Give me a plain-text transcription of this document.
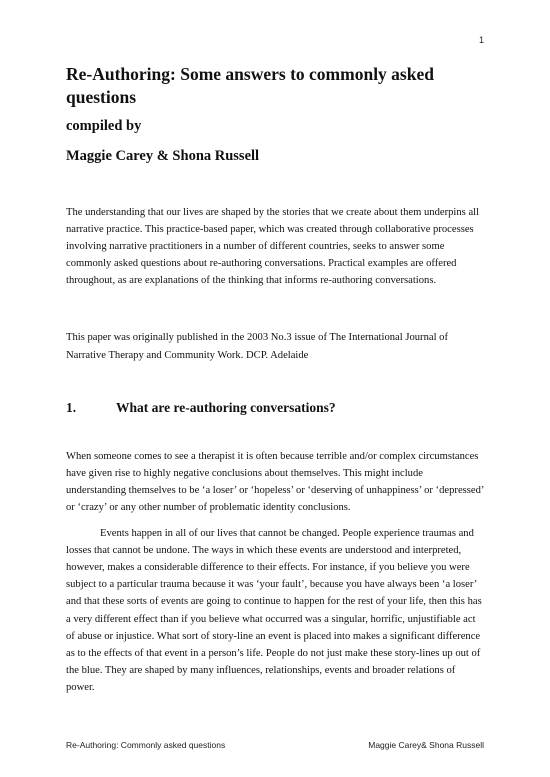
1
Re-Authoring: Some answers to commonly asked questions
compiled by
Maggie Carey & Shona Russell

The understanding that our lives are shaped by the stories that we create about them underpins all narrative practice. This practice-based paper, which was created through collaborative processes involving narrative practitioners in a number of different countries, seeks to answer some commonly asked questions about re-authoring conversations. Practical examples are offered throughout, as are explanations of the thinking that informs re-authoring conversations.

This paper was originally published in the 2003 No.3 issue of The International Journal of Narrative Therapy and Community Work. DCP. Adelaide

1.	What are re-authoring conversations?

When someone comes to see a therapist it is often because terrible and/or complex circumstances have given rise to highly negative conclusions about themselves. This might include understanding themselves to be ‘a loser’ or ‘hopeless’ or ‘deserving of unhappiness’ or ‘depressed’ or ‘crazy’ or any other number of problematic identity conclusions.

Events happen in all of our lives that cannot be changed. People experience traumas and losses that cannot be undone. The ways in which these events are understood and interpreted, however, makes a considerable difference to their effects. For instance, if you believe you were subject to a particular trauma because it was ‘your fault’, because you have always been ‘a loser’ and that these sorts of events are going to continue to happen for the rest of your life, then this has a very different effect than if you believe what occurred was a singular, horrific, unjustifiable act of abuse or injustice. What sort of story-line an event is placed into makes a significant difference as to the effects of that event in a person’s life. People do not just make these story-lines up out of the blue. They are shaped by many influences, relationships, events and broader relations of power.

Re-Authoring: Commonly asked questions	Maggie Carey& Shona Russell
